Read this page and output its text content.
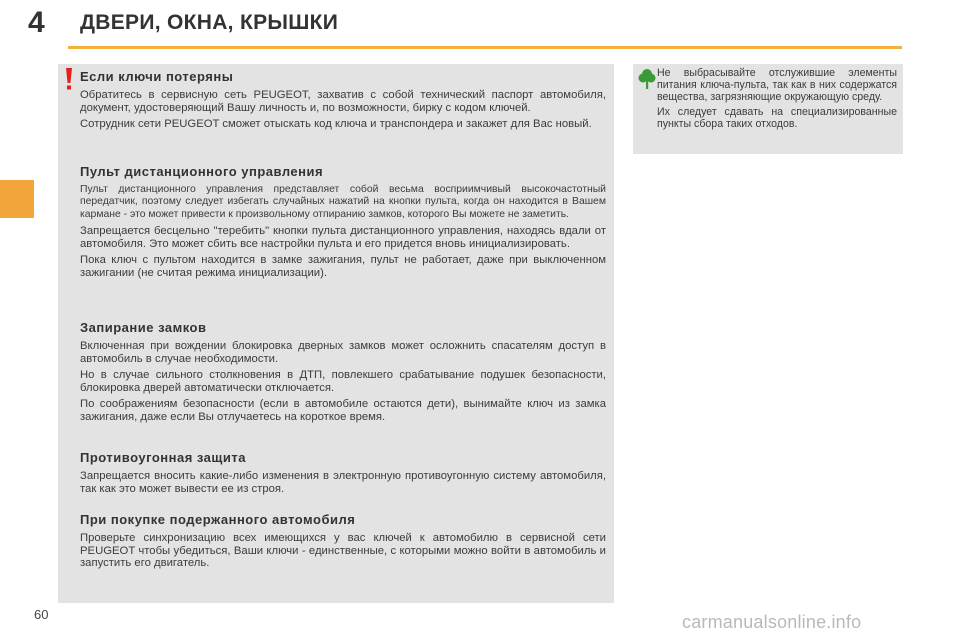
4 ДВЕРИ, ОКНА, КРЫШКИ
Если ключи потеряны

Обратитесь в сервисную сеть PEUGEOT, захватив с собой технический паспорт автомобиля, документ, удостоверяющий Вашу личность и, по возможности, бирку с кодом ключей.

Сотрудник сети PEUGEOT сможет отыскать код ключа и транспондера и закажет для Вас новый.

Пульт дистанционного управления

Пульт дистанционного управления представляет собой весьма восприимчивый высокочастотный передатчик, поэтому следует избегать случайных нажатий на кнопки пульта, когда он находится в Вашем кармане - это может привести к произвольному отпиранию замков, которого Вы можете не заметить.

Запрещается бесцельно "теребить" кнопки пульта дистанционного управления, находясь вдали от автомобиля. Это может сбить все настройки пульта и его придется вновь инициализировать.

Пока ключ с пультом находится в замке зажигания, пульт не работает, даже при выключенном зажигании (не считая режима инициализации).

Запирание замков

Включенная при вождении блокировка дверных замков может осложнить спасателям доступ в автомобиль в случае необходимости.

Но в случае сильного столкновения в ДТП, повлекшего срабатывание подушек безопасности, блокировка дверей автоматически отключается.

По соображениям безопасности (если в автомобиле остаются дети), вынимайте ключ из замка зажигания, даже если Вы отлучаетесь на короткое время.

Противоугонная защита

Запрещается вносить какие-либо изменения в электронную противоугонную систему автомобиля, так как это может вывести ее из строя.

При покупке подержанного автомобиля

Проверьте синхронизацию всех имеющихся у вас ключей к автомобилю в сервисной сети PEUGEOT чтобы убедиться, Ваши ключи - единственные, с которыми можно войти в автомобиль и запустить его двигатель.

Не выбрасывайте отслужившие элементы питания ключа-пульта, так как в них содержатся вещества, загрязняющие окружающую среду.

Их следует сдавать на специализированные пункты сбора таких отходов.

60	carmanualsonline.info
